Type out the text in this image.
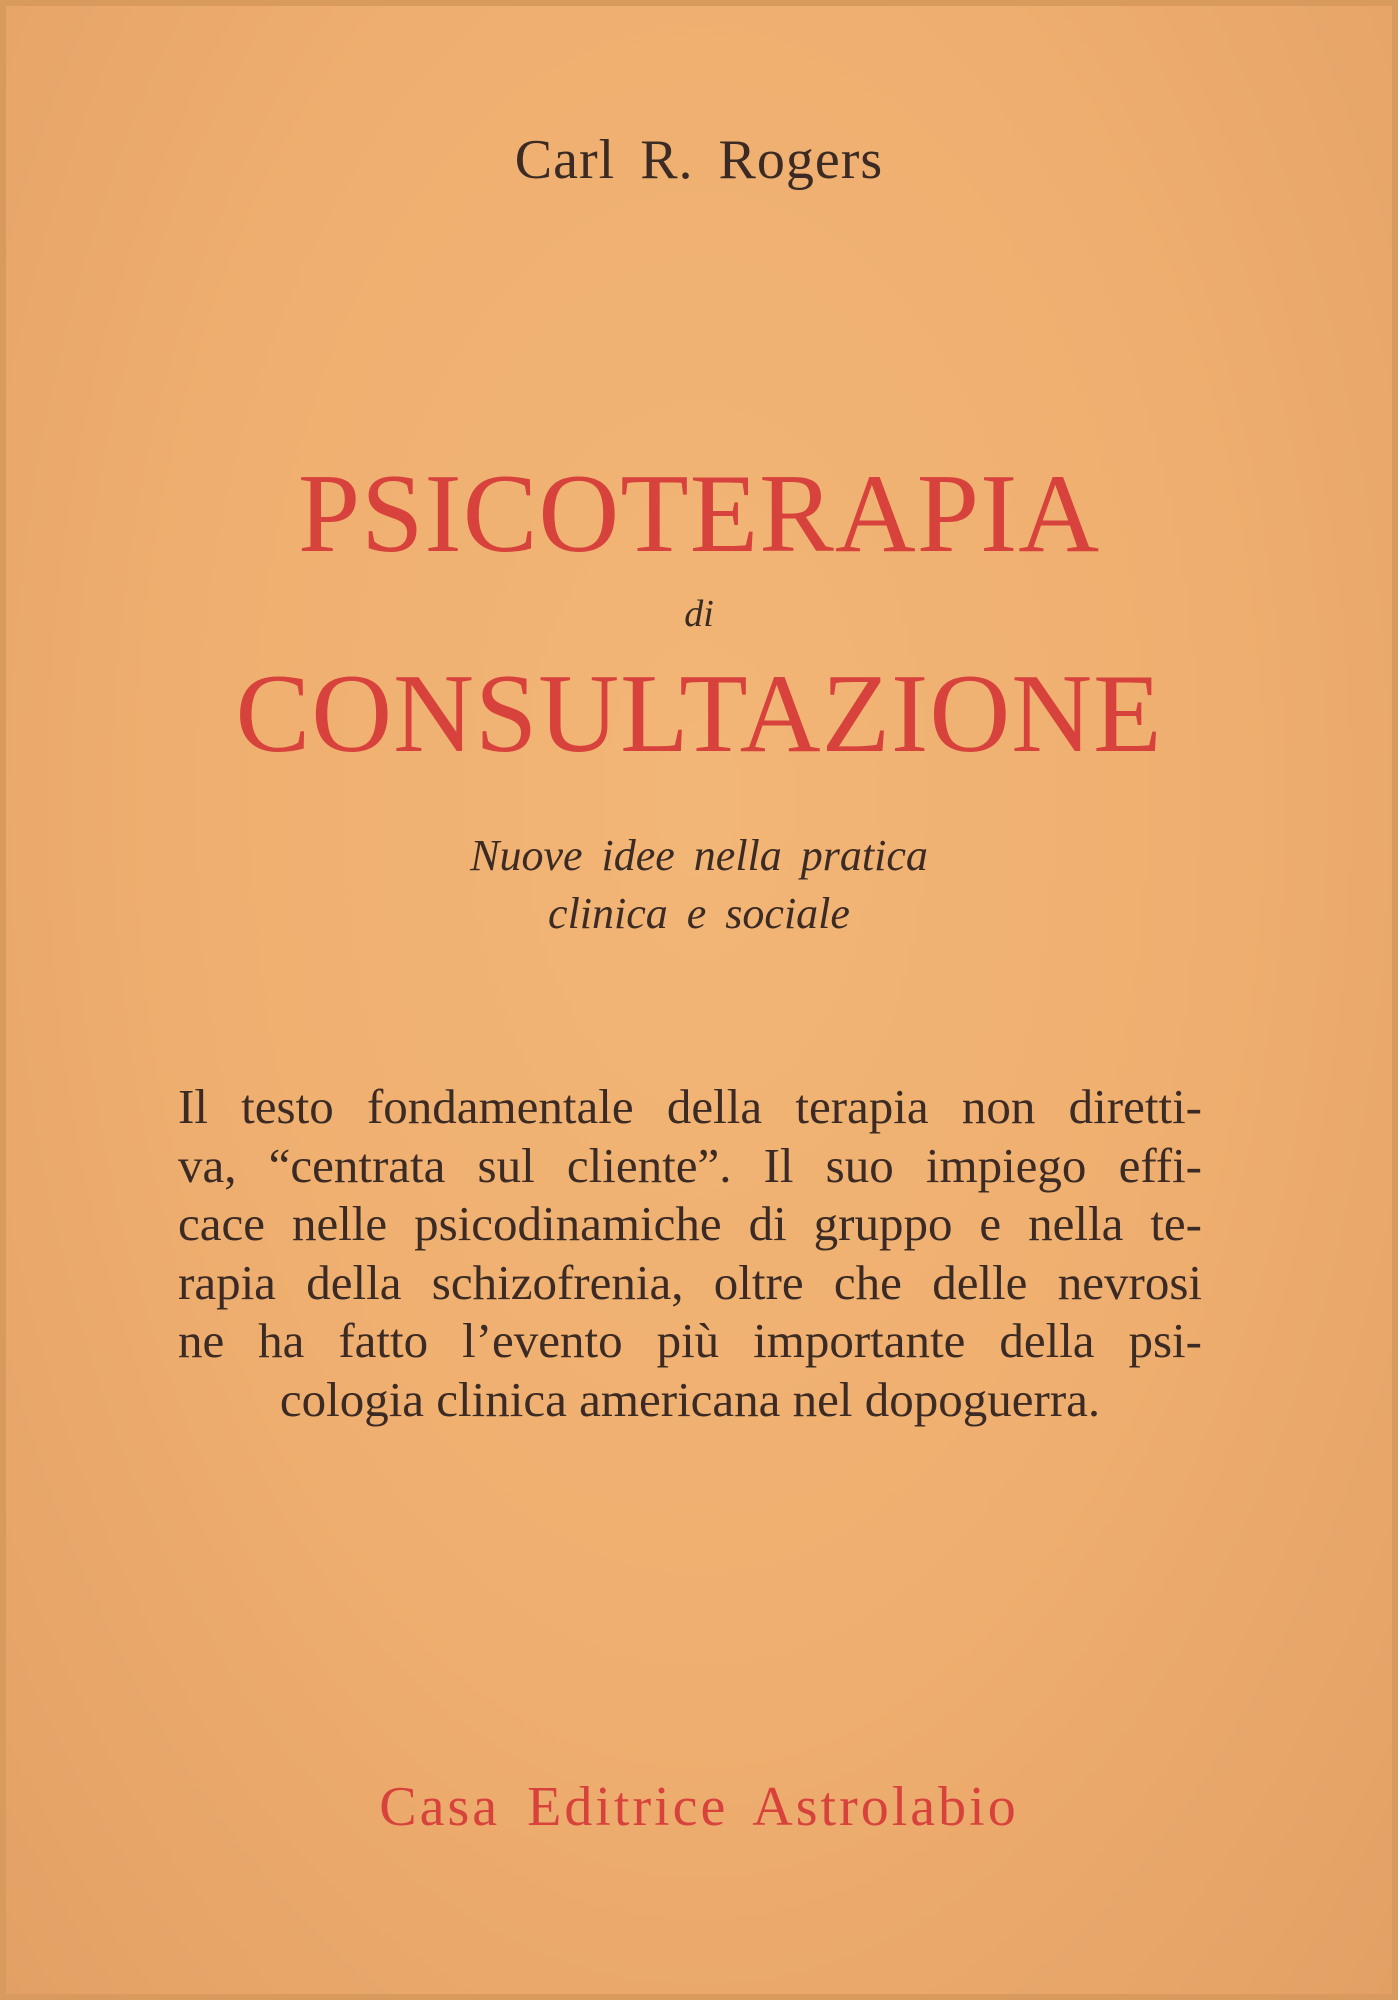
Carl R. Rogers
PSICOTERAPIA
di
CONSULTAZIONE
Nuove idee nella pratica
clinica e sociale
Il testo fondamentale della terapia non diretti-
va, “centrata sul cliente”. Il suo impiego effi-
cace nelle psicodinamiche di gruppo e nella te-
rapia della schizofrenia, oltre che delle nevrosi
ne ha fatto l’evento più importante della psi-
cologia clinica americana nel dopoguerra.
Casa Editrice Astrolabio
